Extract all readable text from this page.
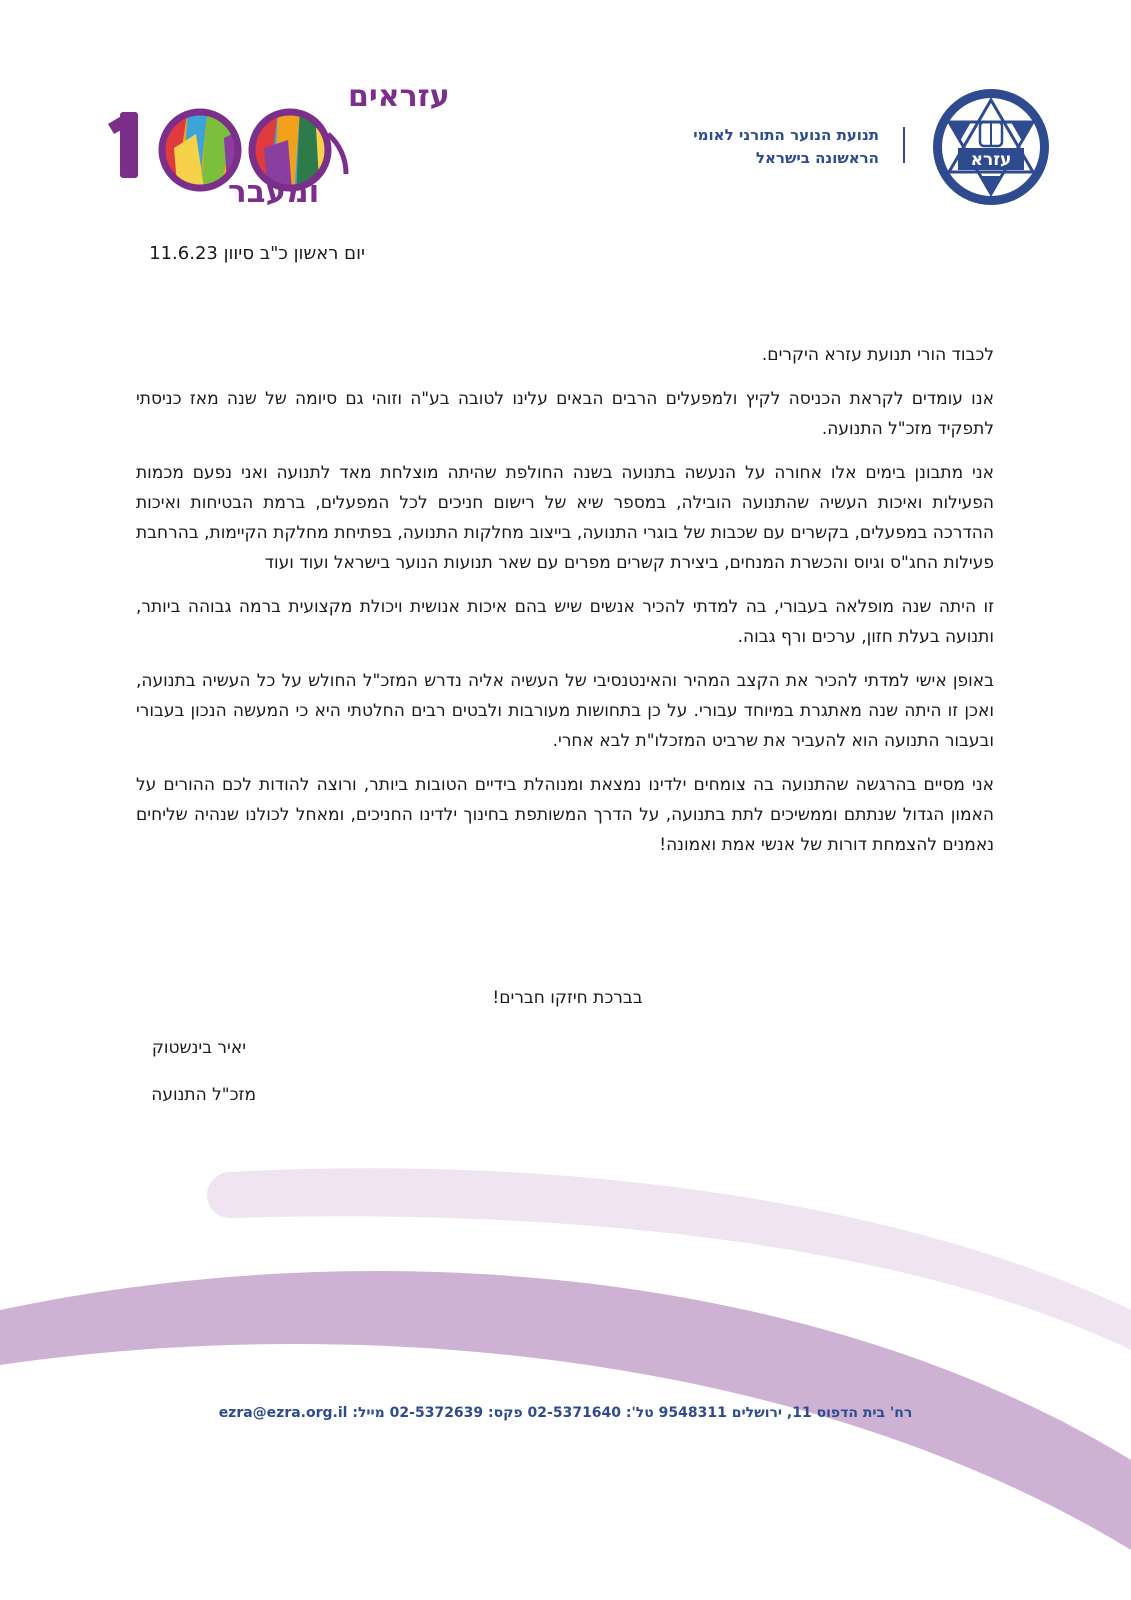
עזרא
תנועת הנוער התורני לאומי
הראשונה בישראל
עזראים
ומעבר
יום ראשון כ"ב סיוון 11.6.23

לכבוד הורי תנועת עזרא היקרים.

אנו עומדים לקראת הכניסה לקיץ ולמפעלים הרבים הבאים עלינו לטובה בע"ה וזוהי גם סיומה של שנה מאז כניסתי לתפקיד מזכ"ל התנועה.

אני מתבונן בימים אלו אחורה על הנעשה בתנועה בשנה החולפת שהיתה מוצלחת מאד לתנועה ואני נפעם מכמות הפעילות ואיכות העשיה שהתנועה הובילה, במספר שיא של רישום חניכים לכל המפעלים, ברמת הבטיחות ואיכות ההדרכה במפעלים, בקשרים עם שכבות של בוגרי התנועה, בייצוב מחלקות התנועה, בפתיחת מחלקת הקיימות, בהרחבת פעילות החג"ס וגיוס והכשרת המנחים, ביצירת קשרים מפרים עם שאר תנועות הנוער בישראל ועוד ועוד

זו היתה שנה מופלאה בעבורי, בה למדתי להכיר אנשים שיש בהם איכות אנושית ויכולת מקצועית ברמה גבוהה ביותר, ותנועה בעלת חזון, ערכים ורף גבוה.

באופן אישי למדתי להכיר את הקצב המהיר והאינטנסיבי של העשיה אליה נדרש המזכ"ל החולש על כל העשיה בתנועה, ואכן זו היתה שנה מאתגרת במיוחד עבורי. על כן בתחושות מעורבות ולבטים רבים החלטתי היא כי המעשה הנכון בעבורי ובעבור התנועה הוא להעביר את שרביט המזכלו"ת לבא אחרי.

אני מסיים בהרגשה שהתנועה בה צומחים ילדינו נמצאת ומנוהלת בידיים הטובות ביותר, ורוצה להודות לכם ההורים על האמון הגדול שנתתם וממשיכים לתת בתנועה, על הדרך המשותפת בחינוך ילדינו החניכים, ומאחל לכולנו שנהיה שליחים נאמנים להצמחת דורות של אנשי אמת ואמונה!

בברכת חיזקו חברים!
יאיר בינשטוק
מזכ"ל התנועה
רח' בית הדפוס 11, ירושלים 9548311 טל': 02-5371640 פקס: 02-5372639 מייל: ezra@ezra.org.il
